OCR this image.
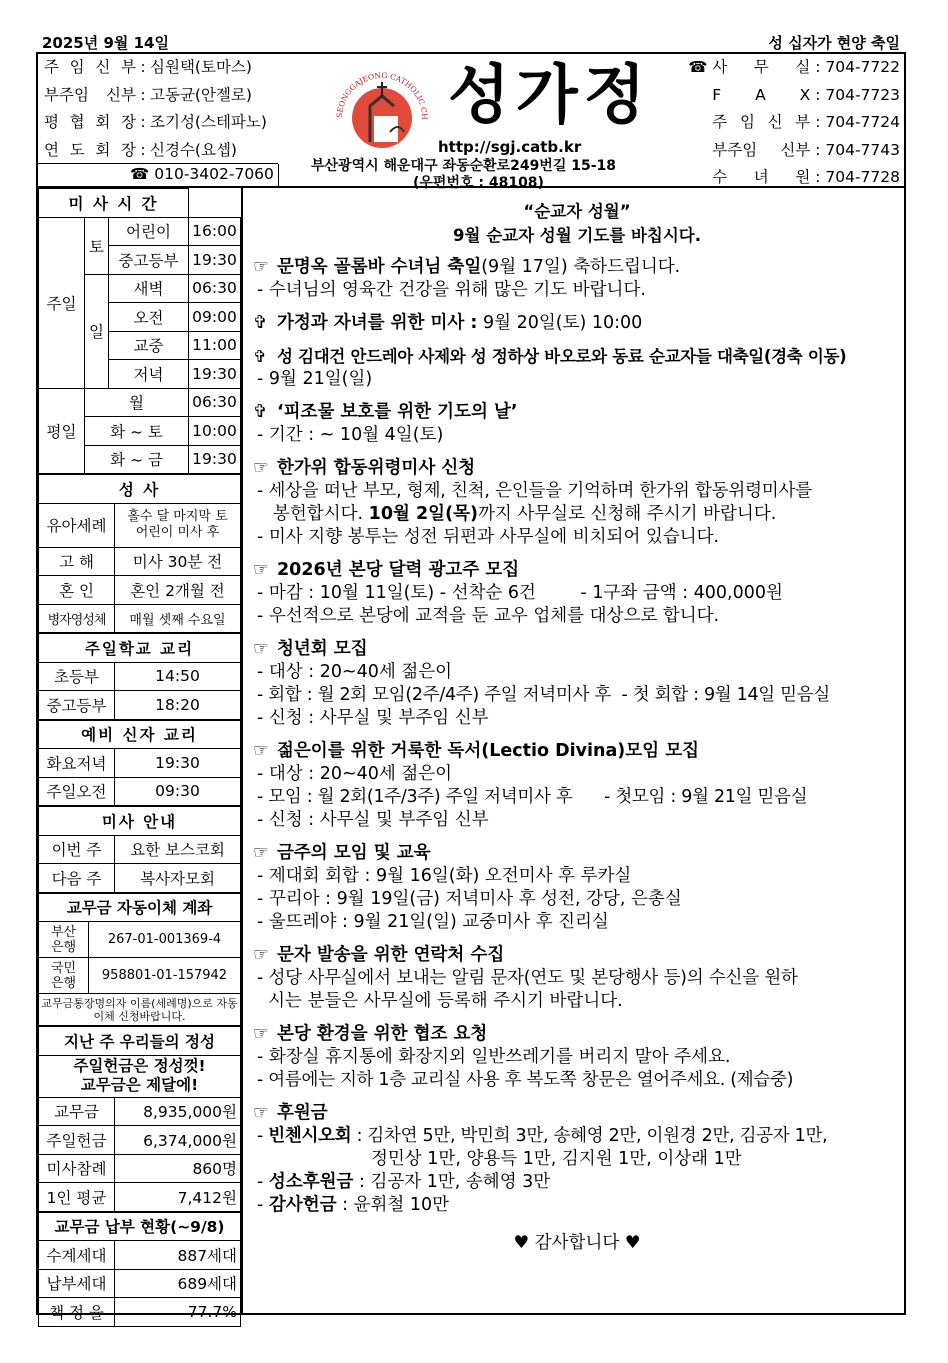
2025년 9월 14일	성 십자가 현양 축일
주 임 신 부 : 심원택(토마스)
부주임 신부 : 고동균(안젤로)
평 협 회 장 : 조기성(스테파노)
연 도 회 장 : 신경수(요셉)
☎ 010-3402-7060
SEONGGAJEONG CATHOLIC CH 성가정
http://sgj.catb.kr
부산광역시 해운대구 좌동순환로249번길 15-18
(우편번호 : 48108)
☎ 사 무 실 : 704-7722
F A X : 704-7723
주 임 신 부 : 704-7724
부주임 신부 : 704-7743
수 녀 원 : 704-7728
미 사 시 간			
주일	토	어린이	16:00
		중고등부	19:30
	일	새벽	06:30
		오전	09:00
		교중	11:00
		저녁	19:30
평일	월		06:30
	화 ~ 토		10:00
	화 ~ 금		19:30
성 사	
유아세례	홀수 달 마지막 토
어린이 미사 후
고 해	미사 30분 전
혼 인	혼인 2개월 전
병자영성체	매월 셋째 수요일
주일학교 교리	
초등부	14:50
중고등부	18:20
예비 신자 교리	
화요저녁	19:30
주일오전	09:30
미사 안내	
이번 주	요한 보스코회
다음 주	복사자모회
교무금 자동이체 계좌	
부산
은행	267-01-001369-4
국민
은행	958801-01-157942
교무금통장명의자 이름(세례명)으로 자동이체 신청바랍니다.	
지난 주 우리들의 정성	

주일헌금은 정성껏!
교무금은 제달에!	

교무금	8,935,000원
주일헌금	6,374,000원
미사참례	860명
1인 평균	7,412원
교무금 납부 현황(~9/8)	
수계세대	887세대
납부세대	689세대
책 정 율	77.7%
“순교자 성월”
9월 순교자 성월 기도를 바칩시다.
☞ 문명옥 골롬바 수녀님 축일(9월 17일) 축하드립니다.
- 수녀님의 영육간 건강을 위해 많은 기도 바랍니다.
✞ 가정과 자녀를 위한 미사 : 9월 20일(토) 10:00
✞ 성 김대건 안드레아 사제와 성 정하상 바오로와 동료 순교자들 대축일(경축 이동)
- 9월 21일(일)
✞ ‘피조물 보호를 위한 기도의 날’
- 기간 : ~ 10월 4일(토)
☞ 한가위 합동위령미사 신청
- 세상을 떠난 부모, 형제, 친척, 은인들을 기억하며 한가위 합동위령미사를
봉헌합시다. 10월 2일(목)까지 사무실로 신청해 주시기 바랍니다.
- 미사 지향 봉투는 성전 뒤편과 사무실에 비치되어 있습니다.
☞ 2026년 본당 달력 광고주 모집
- 마감 : 10월 11일(토) - 선착순 6건        - 1구좌 금액 : 400,000원
- 우선적으로 본당에 교적을 둔 교우 업체를 대상으로 합니다.
☞ 청년회 모집
- 대상 : 20~40세 젊은이
- 회합 : 월 2회 모임(2주/4주) 주일 저녁미사 후  - 첫 회합 : 9월 14일 믿음실
- 신청 : 사무실 및 부주임 신부
☞ 젊은이를 위한 거룩한 독서(Lectio Divina)모임 모집
- 대상 : 20~40세 젊은이
- 모임 : 월 2회(1주/3주) 주일 저녁미사 후      - 첫모임 : 9월 21일 믿음실
- 신청 : 사무실 및 부주임 신부
☞ 금주의 모임 및 교육
- 제대회 회합 : 9월 16일(화) 오전미사 후 루카실
- 꾸리아 : 9월 19일(금) 저녁미사 후 성전, 강당, 은총실
- 울뜨레야 : 9월 21일(일) 교중미사 후 진리실
☞ 문자 발송을 위한 연락처 수집
- 성당 사무실에서 보내는 알림 문자(연도 및 본당행사 등)의 수신을 원하
시는 분들은 사무실에 등록해 주시기 바랍니다.
☞ 본당 환경을 위한 협조 요청
- 화장실 휴지통에 화장지외 일반쓰레기를 버리지 말아 주세요.
- 여름에는 지하 1층 교리실 사용 후 복도쪽 창문은 열어주세요. (제습중)
☞ 후원금
- 빈첸시오회 : 김차연 5만, 박민희 3만, 송혜영 2만, 이원경 2만, 김공자 1만,
정민상 1만, 양용득 1만, 김지원 1만, 이상래 1만
- 성소후원금 : 김공자 1만, 송혜영 3만
- 감사헌금 : 윤휘철 10만
♥ 감사합니다 ♥
